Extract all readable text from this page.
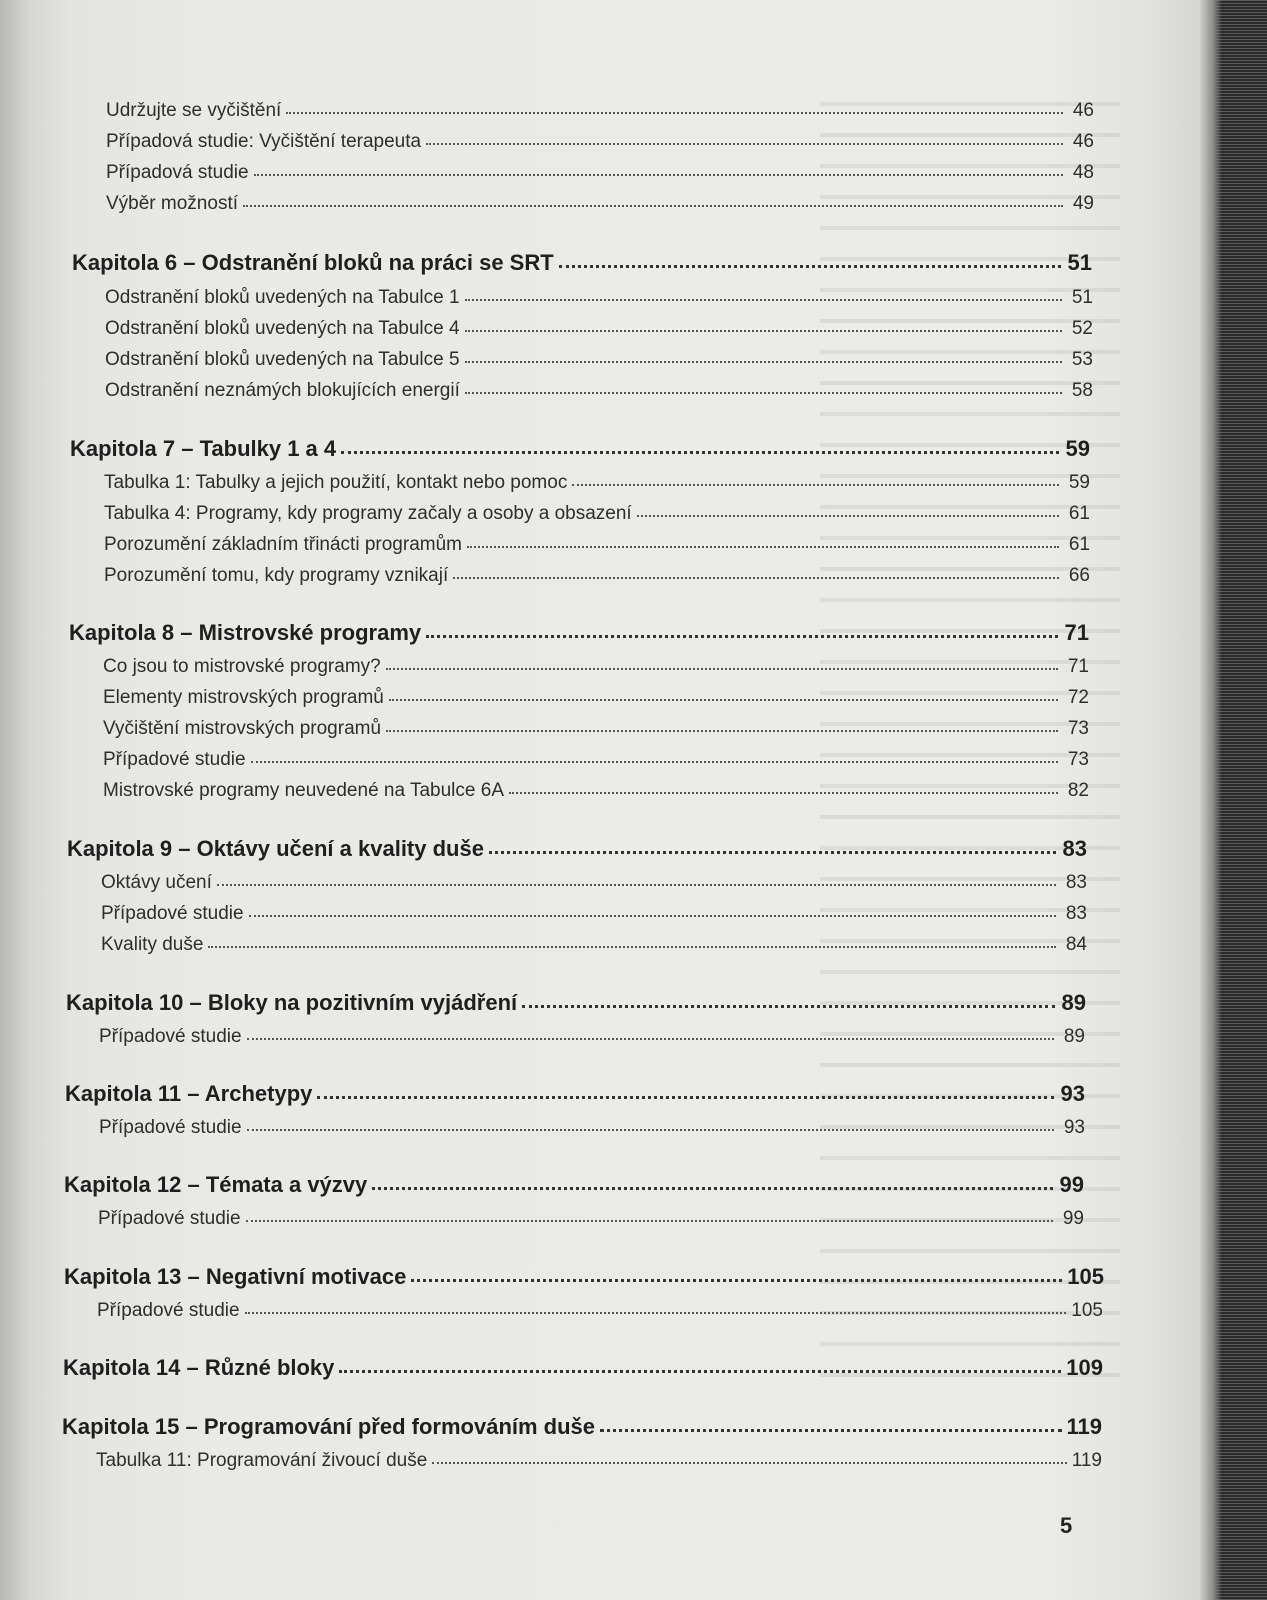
Udržujte se vyčištění	46
Případová studie: Vyčištění terapeuta	46
Případová studie	48
Výběr možností	49
Kapitola 6 – Odstranění bloků na práci se SRT	51
Odstranění bloků uvedených na Tabulce 1	51
Odstranění bloků uvedených na Tabulce 4	52
Odstranění bloků uvedených na Tabulce 5	53
Odstranění neznámých blokujících energií	58
Kapitola 7 – Tabulky 1 a 4	59
Tabulka 1: Tabulky a jejich použití, kontakt nebo pomoc	59
Tabulka 4: Programy, kdy programy začaly a osoby a obsazení	61
Porozumění základním třinácti programům	61
Porozumění tomu, kdy programy vznikají	66
Kapitola 8 – Mistrovské programy	71
Co jsou to mistrovské programy?	71
Elementy mistrovských programů	72
Vyčištění mistrovských programů	73
Případové studie	73
Mistrovské programy neuvedené na Tabulce 6A	82
Kapitola 9 – Oktávy učení a kvality duše	83
Oktávy učení	83
Případové studie	83
Kvality duše	84
Kapitola 10 – Bloky na pozitivním vyjádření	89
Případové studie	89
Kapitola 11 – Archetypy	93
Případové studie	93
Kapitola 12 – Témata a výzvy	99
Případové studie	99
Kapitola 13 – Negativní motivace	105
Případové studie	105
Kapitola 14 – Různé bloky	109
Kapitola 15 – Programování před formováním duše	119
Tabulka 11: Programování živoucí duše	119
5
